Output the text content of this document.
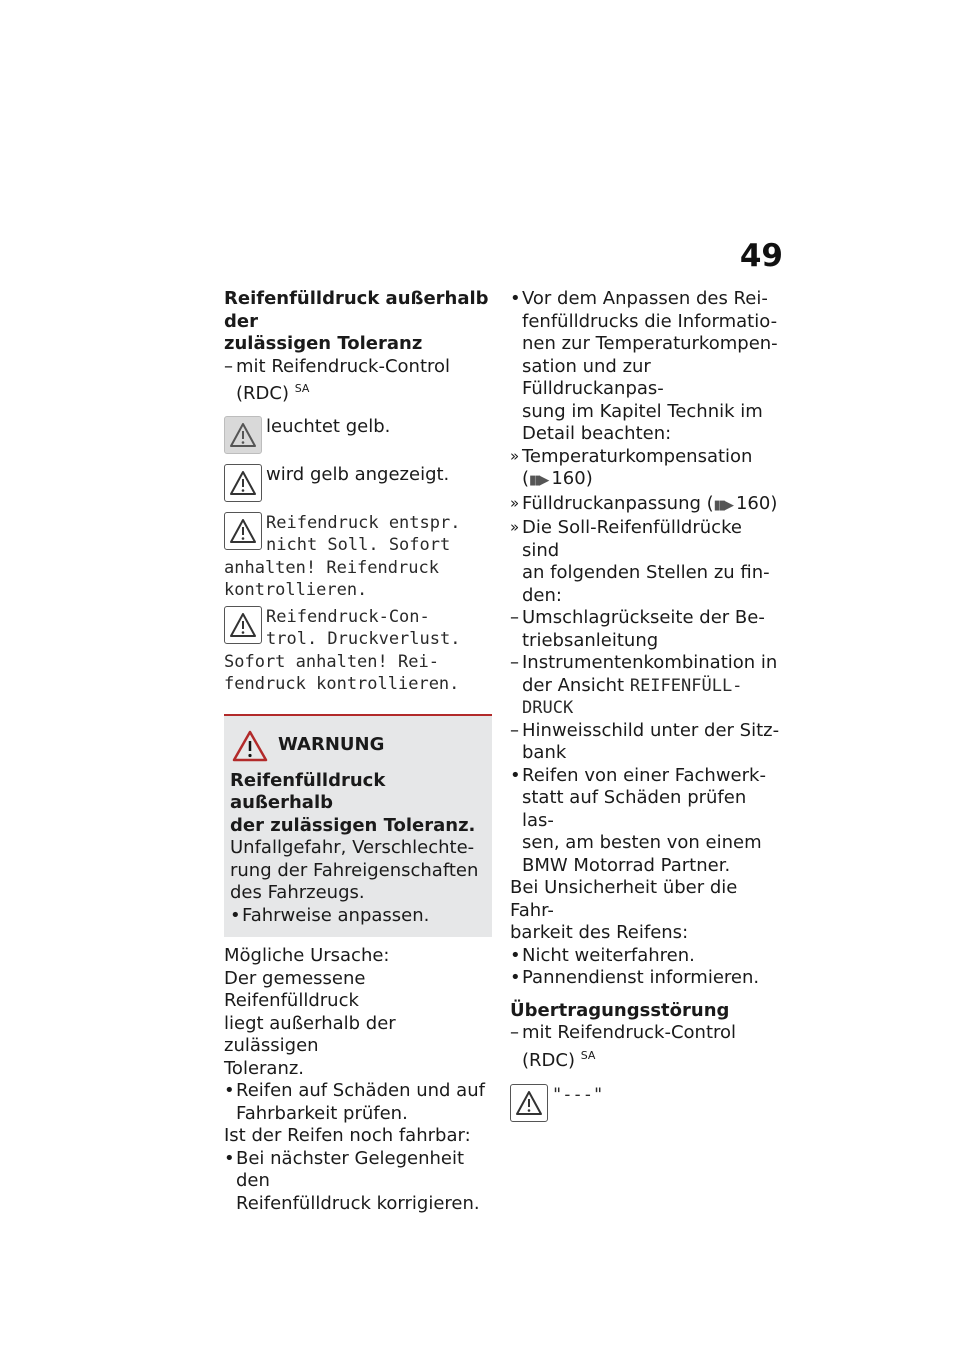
49
Reifenfülldruck außerhalb der
zulässigen Toleranz
– mit Reifendruck-Control
(RDC) $^{SA}$
leuchtet gelb.
wird gelb angezeigt.
Reifendruck entspr.
nicht Soll. Sofort
anhalten! Reifendruck
kontrollieren.
Reifendruck-Con-
trol. Druckverlust.
Sofort anhalten! Rei-
fendruck kontrollieren.
WARNUNG
Reifenfülldruck außerhalb
der zulässigen Toleranz.
Unfallgefahr, Verschlechte-
rung der Fahreigenschaften
des Fahrzeugs.
• Fahrweise anpassen.
Mögliche Ursache:
Der gemessene Reifenfülldruck
liegt außerhalb der zulässigen
Toleranz.
• Reifen auf Schäden und auf
Fahrbarkeit prüfen.
Ist der Reifen noch fahrbar:
• Bei nächster Gelegenheit den
Reifenfülldruck korrigieren.
• Vor dem Anpassen des Rei-
fenfülldrucks die Informatio-
nen zur Temperaturkompen-
sation und zur Fülldruckanpas-
sung im Kapitel Technik im
Detail beachten:
» Temperaturkompensation
(▮▮▶ 160)
» Fülldruckanpassung (▮▮▶ 160)
» Die Soll-Reifenfülldrücke sind
an folgenden Stellen zu fin-
den:
– Umschlagrückseite der Be-
triebsanleitung
– Instrumentenkombination in
der Ansicht REIFENFÜLL-
DRUCK
– Hinweisschild unter der Sitz-
bank
• Reifen von einer Fachwerk-
statt auf Schäden prüfen las-
sen, am besten von einem
BMW Motorrad Partner.
Bei Unsicherheit über die Fahr-
barkeit des Reifens:
• Nicht weiterfahren.
• Pannendienst informieren.
Übertragungsstörung
– mit Reifendruck-Control
(RDC) $^{SA}$
"---"
